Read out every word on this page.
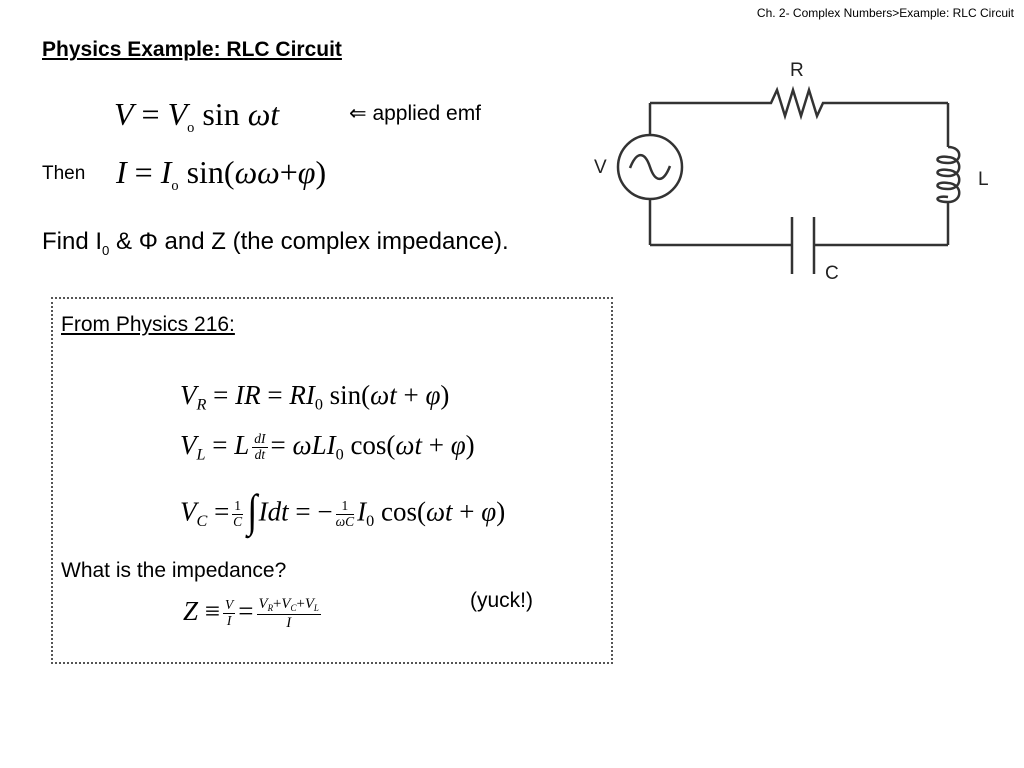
Ch. 2- Complex Numbers>Example: RLC Circuit
Physics Example: RLC Circuit
$V = V_o$ sin ωt	⇐ applied emf
Then $I = I_o$ sin(ωω+φ)
Find $I_0$ & Φ and Z (the complex impedance).
R
L
C
V
From Physics 216:
$V_R$ = IR = $RI_0$ sin(ωt + φ)
$V_L = L \frac{dI}{dt} = \omega LI_0$ cos(ωt + φ)
$V_C = \frac{1}{C} \int Idt$ = − $\frac{1}{\omega C} I_0$ cos(ωt + φ)
What is the impedance?
(yuck!)
$Z \equiv \frac{V}{I} = \frac{V_R+V_C+V_L}{I}$
